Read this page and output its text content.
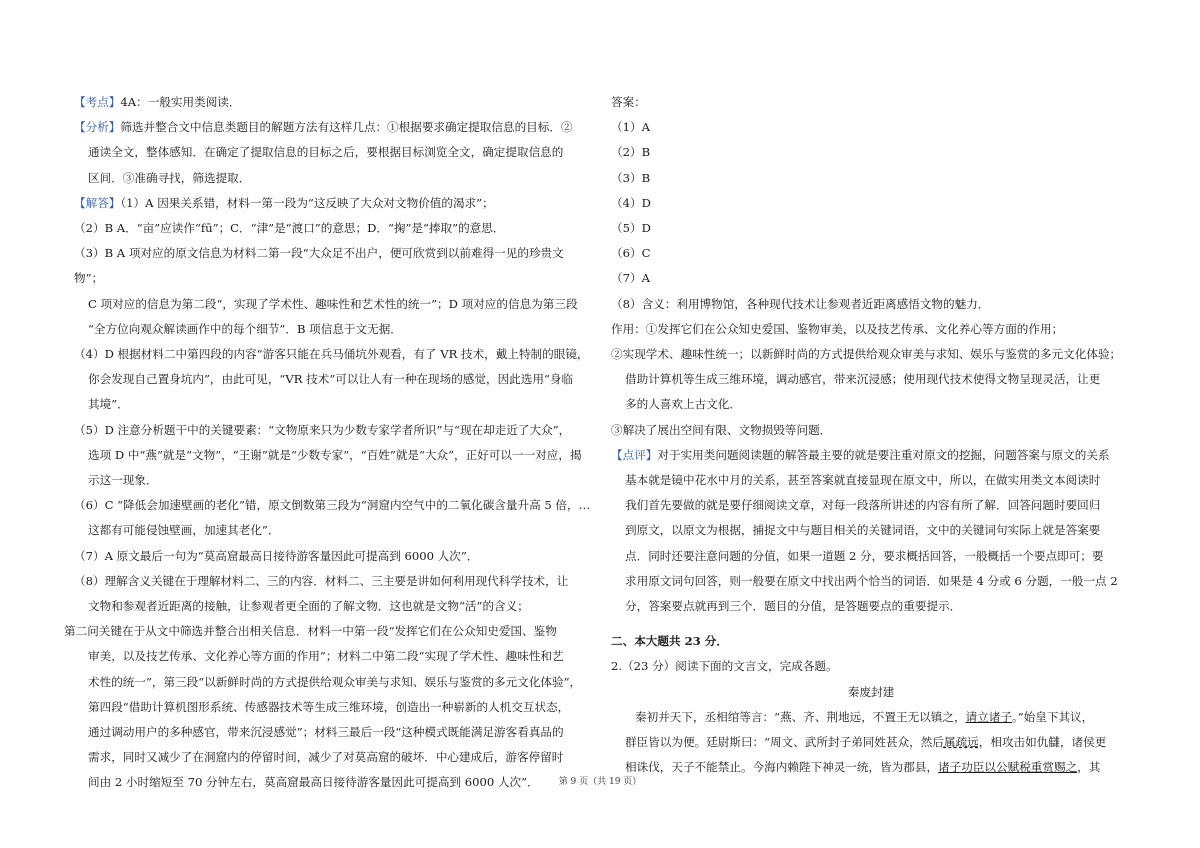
【考点】4A：一般实用类阅读．

【分析】筛选并整合文中信息类题目的解题方法有这样几点：①根据要求确定提取信息的目标．②

通读全文，整体感知．在确定了提取信息的目标之后，要根据目标浏览全文，确定提取信息的

区间．③准确寻找，筛选提取．

【解答】（1）A 因果关系错，材料一第一段为“这反映了大众对文物价值的渴求”；

（2）B A．“亩”应读作“fū”；C．“津”是“渡口”的意思；D．“掬”是“捧取”的意思．

（3）B A 项对应的原文信息为材料二第一段“大众足不出户，便可欣赏到以前难得一见的珍贵文物”；

C 项对应的信息为第二段“，实现了学术性、趣味性和艺术性的统一”；D 项对应的信息为第三段

“全方位向观众解读画作中的每个细节”．B 项信息于文无据．

（4）D 根据材料二中第四段的内容“游客只能在兵马俑坑外观看，有了 VR 技术，戴上特制的眼镜，

你会发现自己置身坑内”，由此可见，“VR 技术”可以让人有一种在现场的感觉，因此选用“身临

其境”．

（5）D 注意分析题干中的关键要素：“文物原来只为少数专家学者所识”与“现在却走近了大众”，

选项 D 中“燕”就是“文物”，“王谢”就是“少数专家”，“百姓”就是“大众”，正好可以一一对应，揭

示这一现象．

（6）C “降低会加速壁画的老化”错，原文倒数第三段为“洞窟内空气中的二氧化碳含量升高 5 倍，…

这都有可能侵蚀壁画，加速其老化”．

（7）A 原文最后一句为“莫高窟最高日接待游客量因此可提高到 6000 人次”．

（8）理解含义关键在于理解材料二、三的内容．材料二、三主要是讲如何利用现代科学技术，让

文物和参观者近距离的接触，让参观者更全面的了解文物．这也就是文物“活”的含义；

第二问关键在于从文中筛选并整合出相关信息．材料一中第一段“发挥它们在公众知史爱国、鉴物

审美，以及技艺传承、文化养心等方面的作用”；材料二中第二段“实现了学术性、趣味性和艺

术性的统一”，第三段“以新鲜时尚的方式提供给观众审美与求知、娱乐与鉴赏的多元文化体验”，

第四段“借助计算机图形系统、传感器技术等生成三维环境，创造出一种崭新的人机交互状态，

通过调动用户的多种感官，带来沉浸感觉”；材料三最后一段“这种模式既能满足游客看真品的

需求，同时又减少了在洞窟内的停留时间，减少了对莫高窟的破坏．中心建成后，游客停留时

间由 2 小时缩短至 70 分钟左右，莫高窟最高日接待游客量因此可提高到 6000 人次”．

答案：

（1）A

（2）B

（3）B

（4）D

（5）D

（6）C

（7）A

（8）含义：利用博物馆，各种现代技术让参观者近距离感悟文物的魅力．

作用：①发挥它们在公众知史爱国、鉴物审美，以及技艺传承、文化养心等方面的作用；

②实现学术、趣味性统一；以新鲜时尚的方式提供给观众审美与求知、娱乐与鉴赏的多元文化体验；

借助计算机等生成三维环境，调动感官，带来沉浸感；使用现代技术使得文物呈现灵活，让更

多的人喜欢上古文化．

③解决了展出空间有限、文物损毁等问题．

【点评】对于实用类问题阅读题的解答最主要的就是要注重对原文的挖掘，问题答案与原文的关系

基本就是镜中花水中月的关系，甚至答案就直接显现在原文中，所以，在做实用类文本阅读时

我们首先要做的就是要仔细阅读文章，对每一段落所讲述的内容有所了解．回答问题时要回归

到原文，以原文为根据，捕捉文中与题目相关的关键词语，文中的关键词句实际上就是答案要

点．同时还要注意问题的分值，如果一道题 2 分，要求概括回答，一般概括一个要点即可；要

求用原文词句回答，则一般要在原文中找出两个恰当的词语．如果是 4 分或 6 分题，一般一点 2

分，答案要点就再到三个．题目的分值，是答题要点的重要提示．

二、本大题共 23 分．

2.（23 分）阅读下面的文言文，完成各题。

秦废封建

秦初并天下，丞相绾等言：“燕、齐、荆地远，不置王无以镇之，请立诸子。”始皇下其议，

群臣皆以为便。廷尉斯曰：“周文、武所封子弟同姓甚众，然后属疏远，相攻击如仇讎，诸侯更

相诛伐，天子不能禁止。今海内赖陛下神灵一统，皆为郡县，诸子功臣以公赋税重赏赐之，其

第 9 页（共 19 页）
